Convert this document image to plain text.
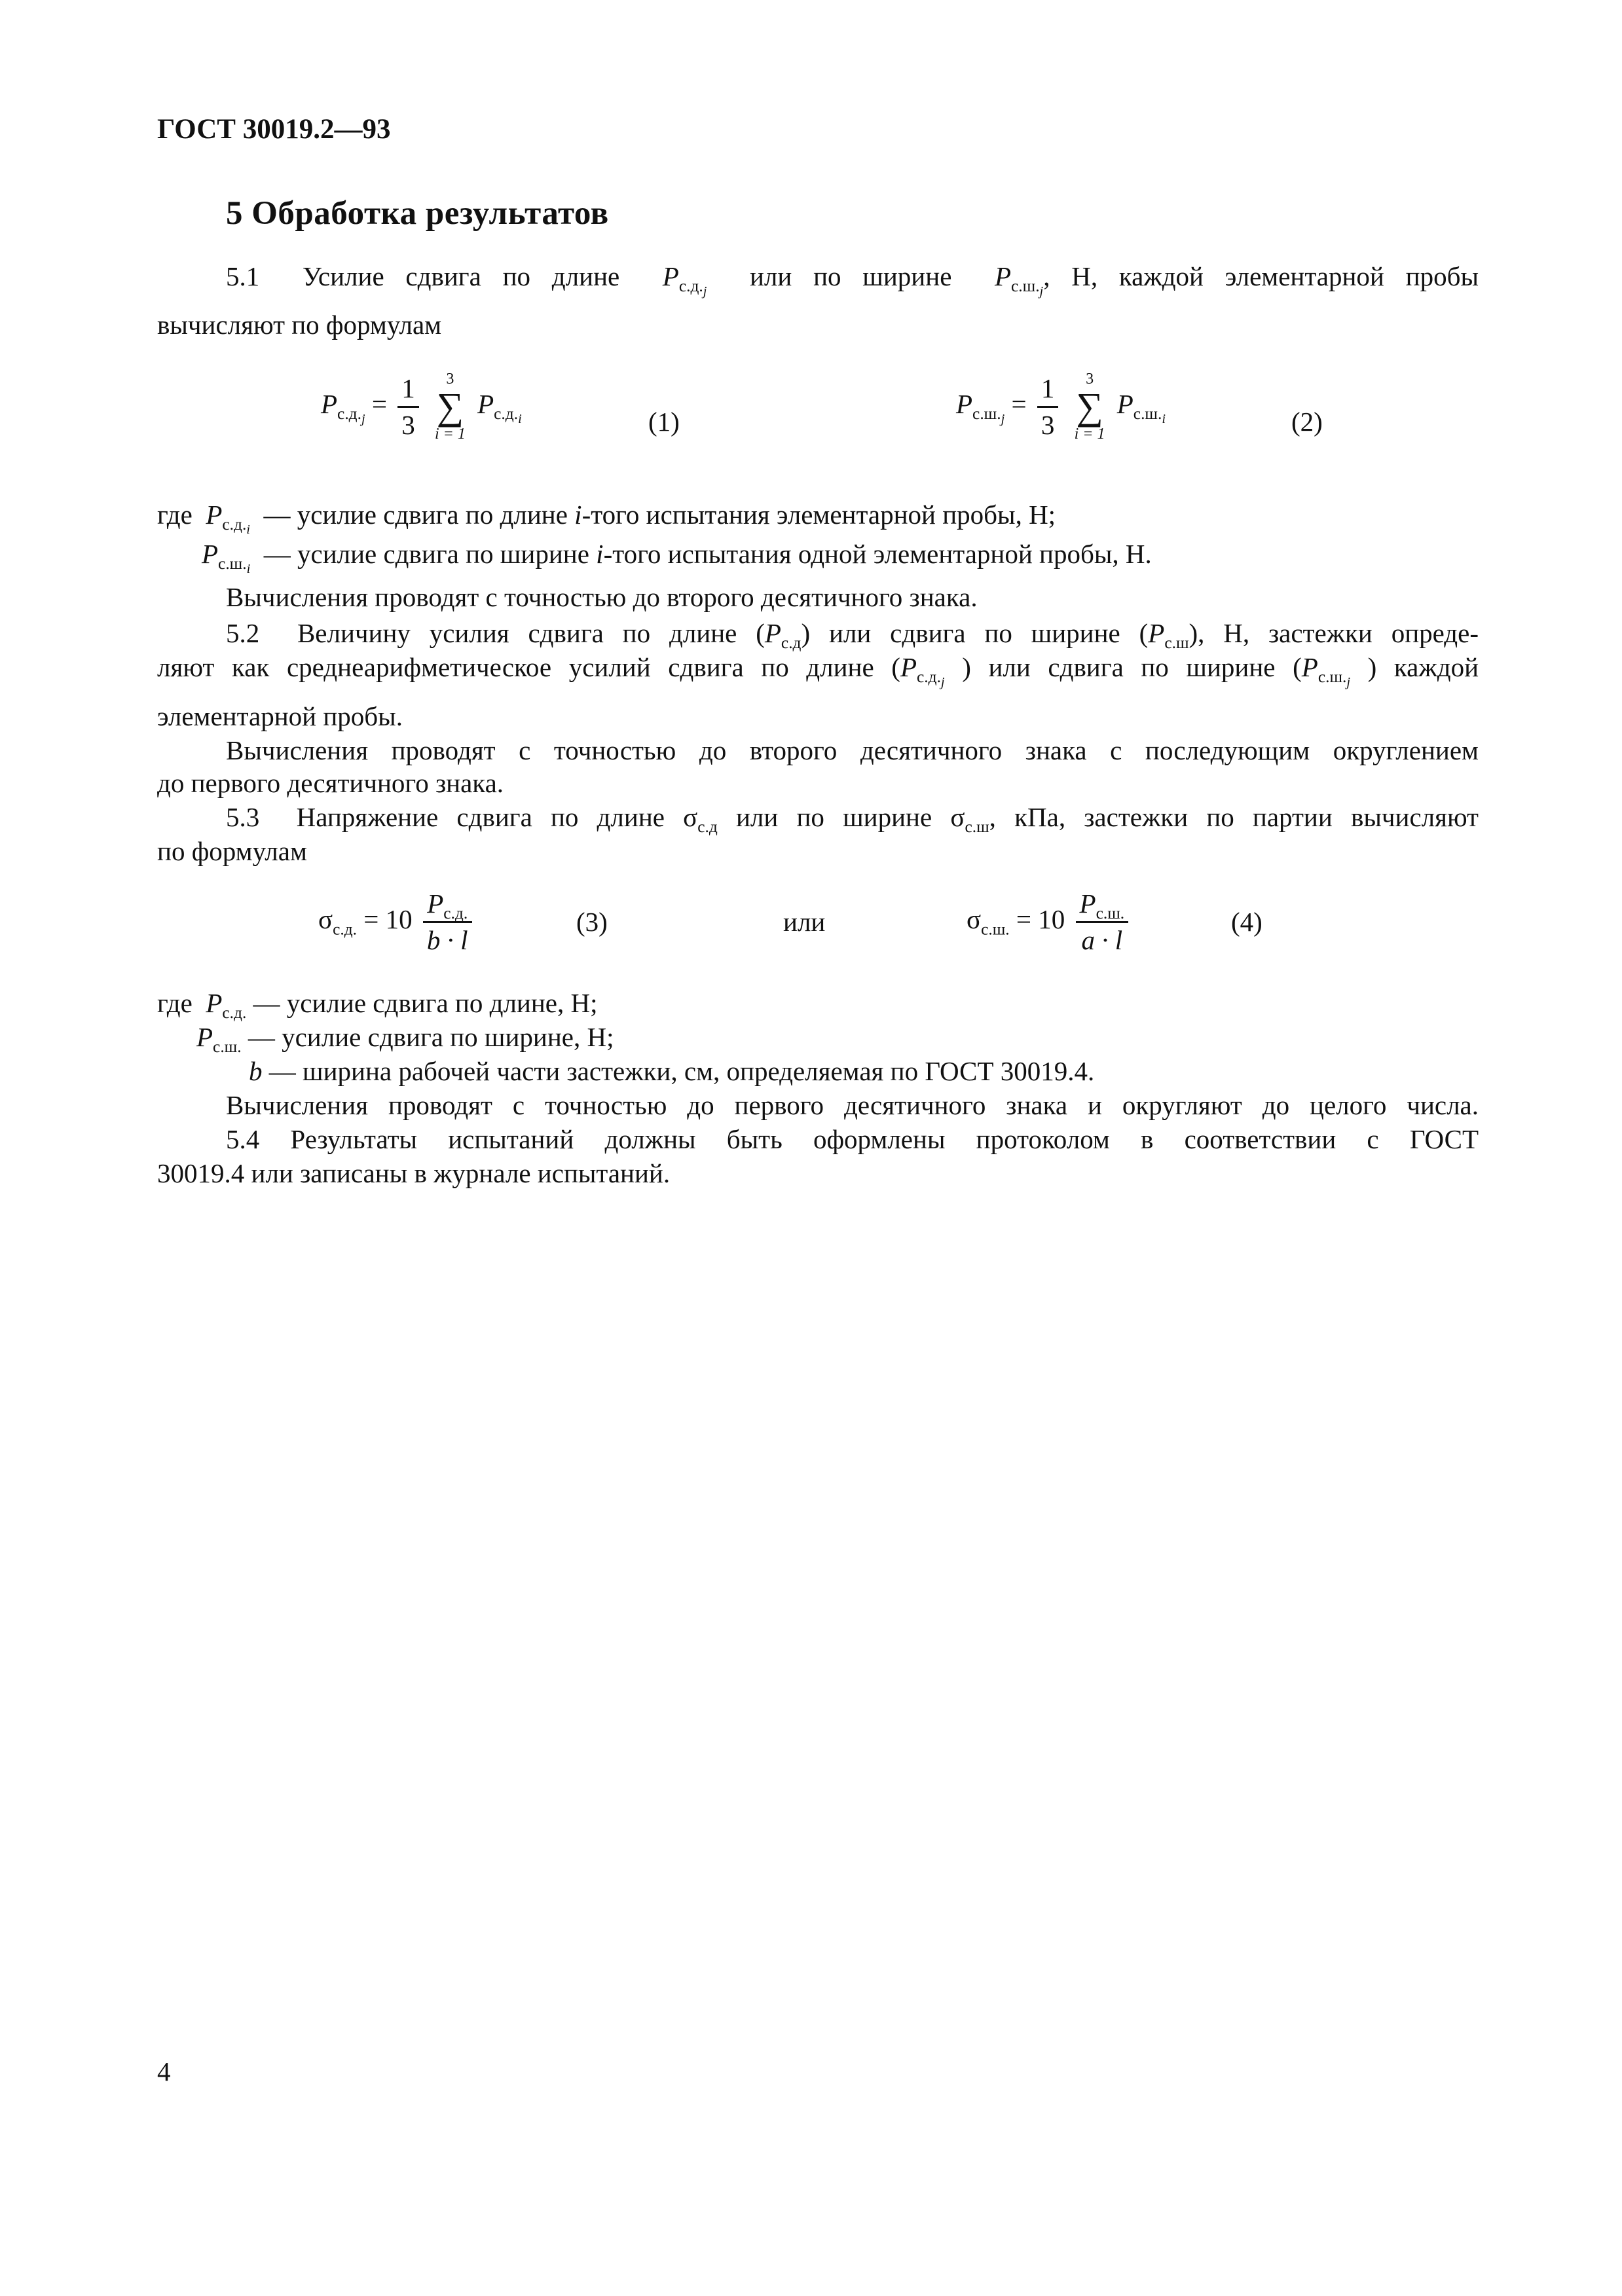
ГОСТ 30019.2—93
5 Обработка результатов
5.1 Усилие сдвига по длине $P_{с.д._j}$  или по ширине $P_{с.ш._j}$, Н, каждой элементарной пробы
вычисляют по формулам
$P_{с.д._j} = \frac{1}{3}$
	3
∑
i = 1
$P_{с.д._i}$	(1)
$P_{с.ш._j} = \frac{1}{3}$
	3
∑
i = 1
$P_{с.ш._i}$	(2)
где $P_{с.д._i}$  — усилие сдвига по длине i-того испытания элементарной пробы, Н;
$P_{с.ш._i}$  — усилие сдвига по ширине i-того испытания одной элементарной пробы, Н.
Вычисления проводят с точностью до второго десятичного знака.
5.2 Величину усилия сдвига по длине $(P_{с.д})$ или сдвига по ширине $(P_{с.ш})$, Н, застежки опреде-
ляют как среднеарифметическое усилий сдвига по длине ($P_{с.д._j}$ ) или сдвига по ширине ($P_{с.ш._j}$ ) каждой
элементарной пробы.
Вычисления проводят с точностью до второго десятичного знака с последующим округлением
до первого десятичного знака.
5.3 Напряжение сдвига по длине $\sigma_{с.д}$ или по ширине $\sigma_{с.ш}$, кПа, застежки по партии вычисляют
по формулам
$\sigma_{с.д.} = 10 \frac{P_{с.д.}}{b \cdot l}$	(3)	или	$\sigma_{с.ш.} = 10 \frac{P_{с.ш.}}{a \cdot l}$	(4)
где $P_{с.д.}$ — усилие сдвига по длине, Н;
$P_{с.ш.}$ — усилие сдвига по ширине, Н;
b — ширина рабочей части застежки, см, определяемая по ГОСТ 30019.4.
Вычисления проводят с точностью до первого десятичного знака и округляют до целого числа.
5.4 Результаты испытаний должны быть оформлены протоколом в соответствии с ГОСТ
30019.4 или записаны в журнале испытаний.
4
